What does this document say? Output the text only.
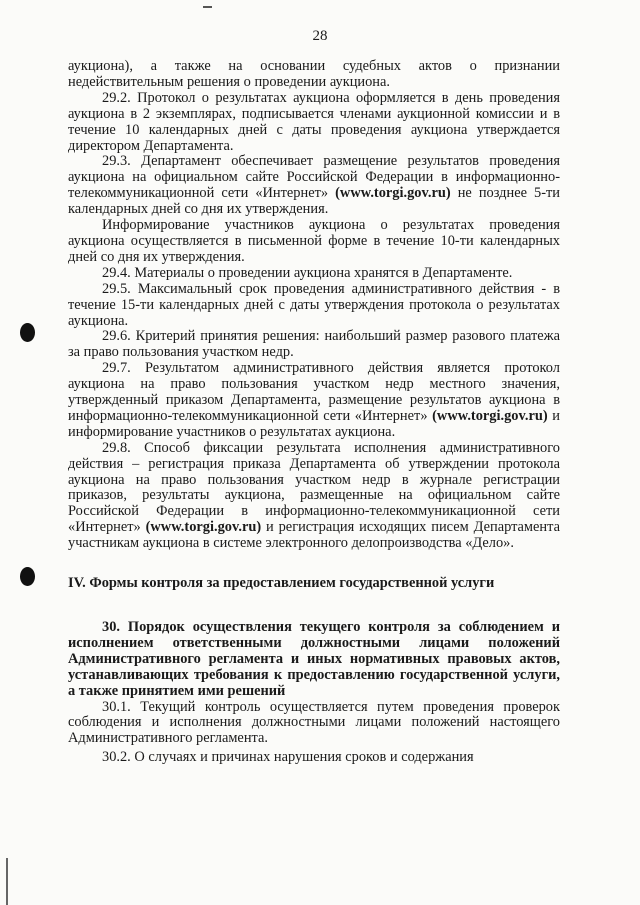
28

аукциона), а также на основании судебных актов о признании недействительным решения о проведении аукциона.

29.2. Протокол о результатах аукциона оформляется в день проведения аукциона в 2 экземплярах, подписывается членами аукционной комиссии и в течение 10 календарных дней с даты проведения аукциона утверждается директором Департамента.

29.3. Департамент обеспечивает размещение результатов проведения аукциона на официальном сайте Российской Федерации в информационно-телекоммуникационной сети «Интернет» (www.torgi.gov.ru) не позднее 5-ти календарных дней со дня их утверждения.

Информирование участников аукциона о результатах проведения аукциона осуществляется в письменной форме в течение 10-ти календарных дней со дня их утверждения.

29.4. Материалы о проведении аукциона хранятся в Департаменте.

29.5. Максимальный срок проведения административного действия - в течение 15-ти календарных дней с даты утверждения протокола о результатах аукциона.

29.6. Критерий принятия решения: наибольший размер разового платежа за право пользования участком недр.

29.7. Результатом административного действия является протокол аукциона на право пользования участком недр местного значения, утвержденный приказом Департамента, размещение результатов аукциона в информационно-телекоммуникационной сети «Интернет» (www.torgi.gov.ru) и информирование участников о результатах аукциона.

29.8. Способ фиксации результата исполнения административного действия – регистрация приказа Департамента об утверждении протокола аукциона на право пользования участком недр в журнале регистрации приказов, результаты аукциона, размещенные на официальном сайте Российской Федерации в информационно-телекоммуникационной сети «Интернет» (www.torgi.gov.ru) и регистрация исходящих писем Департамента участникам аукциона в системе электронного делопроизводства «Дело».

IV. Формы контроля за предоставлением государственной услуги

30. Порядок осуществления текущего контроля за соблюдением и исполнением ответственными должностными лицами положений Административного регламента и иных нормативных правовых актов, устанавливающих требования к предоставлению государственной услуги, а также принятием ими решений

30.1. Текущий контроль осуществляется путем проведения проверок соблюдения и исполнения должностными лицами положений настоящего Административного регламента.

30.2. О случаях и причинах нарушения сроков и содержания
